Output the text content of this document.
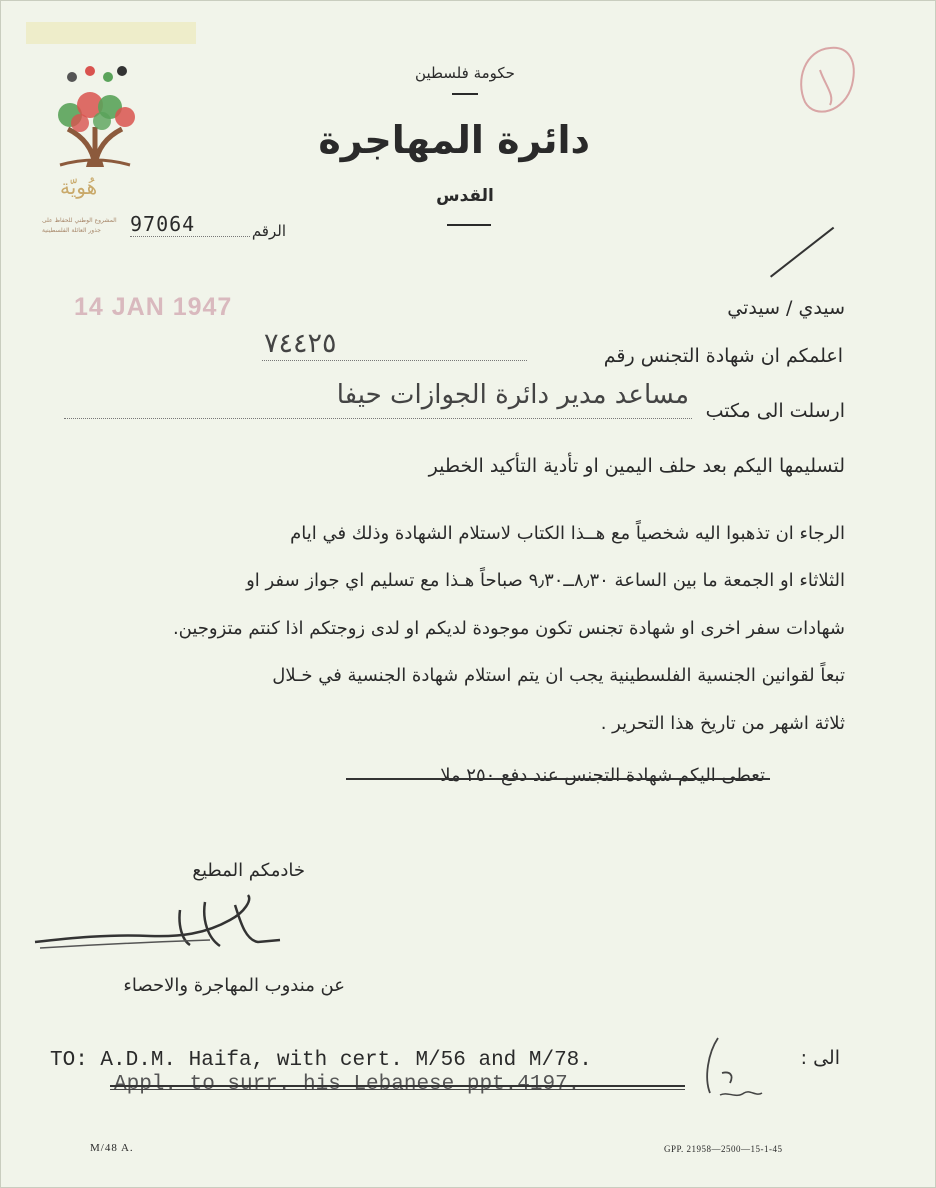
هُويّة
المشروع الوطني للحفاظ على
جذور العائلة الفلسطينية
حكومة فلسطين
دائرة المهاجرة
القدس
الرقم
97064
14 JAN 1947	سيدي / سيدتي
اعلمكم ان شهادة التجنس رقم
٧٤٤٢٥
ارسلت الى مكتب
مساعد مدير دائرة الجوازات حيفا
لتسليمها اليكم بعد حلف اليمين او تأدية التأكيد الخطير
الرجاء ان تذهبوا اليه شخصياً مع هــذا الكتاب لاستلام الشهادة وذلك في ايام
الثلاثاء او الجمعة ما بين الساعة ٨٫٣٠ــ٩٫٣٠ صباحاً هـذا مع تسليم اي جواز سفر او
شهادات سفر اخرى او شهادة تجنس تكون موجودة لديكم او لدى زوجتكم اذا كنتم متزوجين.
تبعاً لقوانين الجنسية الفلسطينية يجب ان يتم استلام شهادة الجنسية في خـلال
ثلاثة اشهر من تاريخ هذا التحرير .
تعطى اليكم شهادة التجنس عند دفع ٢٥٠ ملا
خادمكم المطيع
عن مندوب المهاجرة والاحصاء
الى :
TO: A.D.M. Haifa, with cert. M/56 and M/78.
Appl. to surr. his Lebanese ppt.4197.
M/48 A.	GPP. 21958—2500—15-1-45
